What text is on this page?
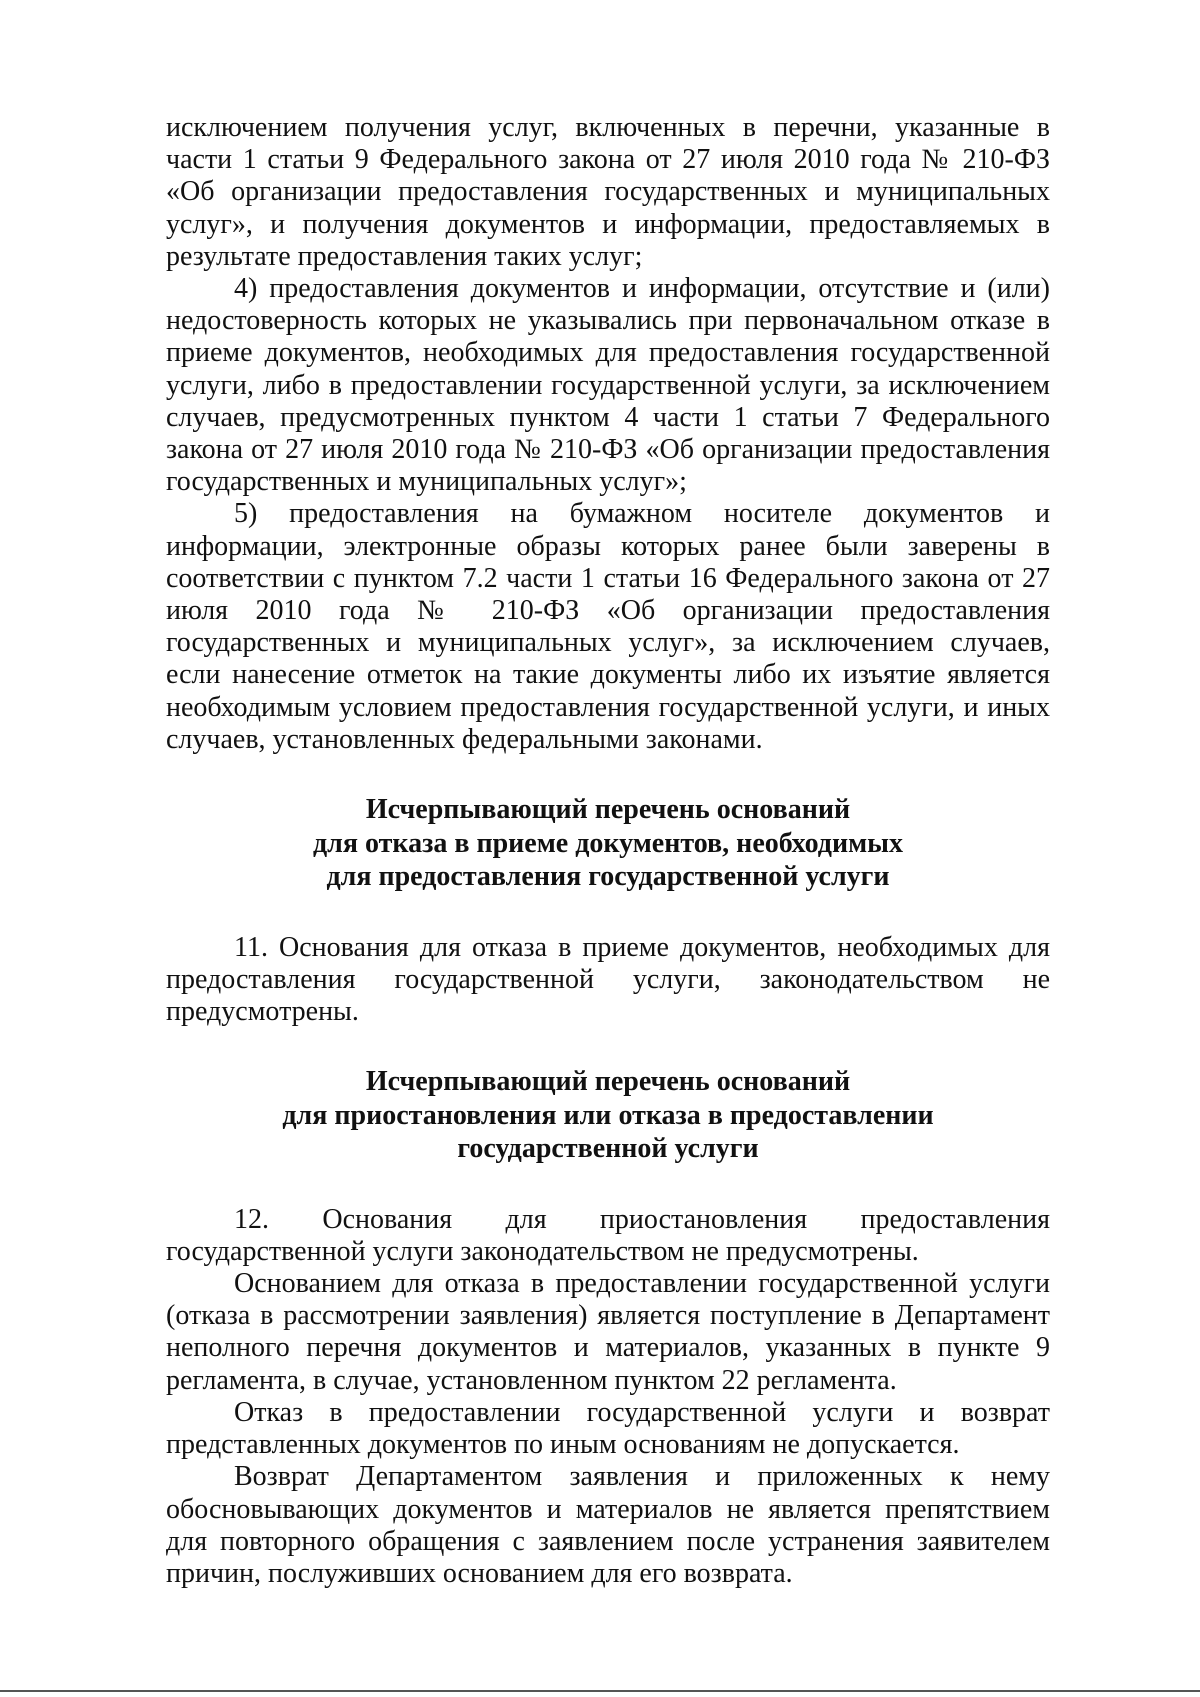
исключением получения услуг, включенных в перечни, указанные в части 1 статьи 9 Федерального закона от 27 июля 2010 года № 210-ФЗ «Об организации предоставления государственных и муниципальных услуг», и получения документов и информации, предоставляемых в результате предоставления таких услуг;

4) предоставления документов и информации, отсутствие и (или) недостоверность которых не указывались при первоначальном отказе в приеме документов, необходимых для предоставления государственной услуги, либо в предоставлении государственной услуги, за исключением случаев, предусмотренных пунктом 4 части 1 статьи 7 Федерального закона от 27 июля 2010 года № 210-ФЗ «Об организации предоставления государственных и муниципальных услуг»;

5) предоставления на бумажном носителе документов и информации, электронные образы которых ранее были заверены в соответствии с пунктом 7.2 части 1 статьи 16 Федерального закона от 27 июля 2010 года № 210-ФЗ «Об организации предоставления государственных и муниципальных услуг», за исключением случаев, если нанесение отметок на такие документы либо их изъятие является необходимым условием предоставления государственной услуги, и иных случаев, установленных федеральными законами.

Исчерпывающий перечень оснований
для отказа в приеме документов, необходимых
для предоставления государственной услуги

11. Основания для отказа в приеме документов, необходимых для предоставления государственной услуги, законодательством не предусмотрены.

Исчерпывающий перечень оснований
для приостановления или отказа в предоставлении
государственной услуги

12. Основания для приостановления предоставления государственной услуги законодательством не предусмотрены.

Основанием для отказа в предоставлении государственной услуги (отказа в рассмотрении заявления) является поступление в Департамент неполного перечня документов и материалов, указанных в пункте 9 регламента, в случае, установленном пунктом 22 регламента.

Отказ в предоставлении государственной услуги и возврат представленных документов по иным основаниям не допускается.

Возврат Департаментом заявления и приложенных к нему обосновывающих документов и материалов не является препятствием для повторного обращения с заявлением после устранения заявителем причин, послуживших основанием для его возврата.
